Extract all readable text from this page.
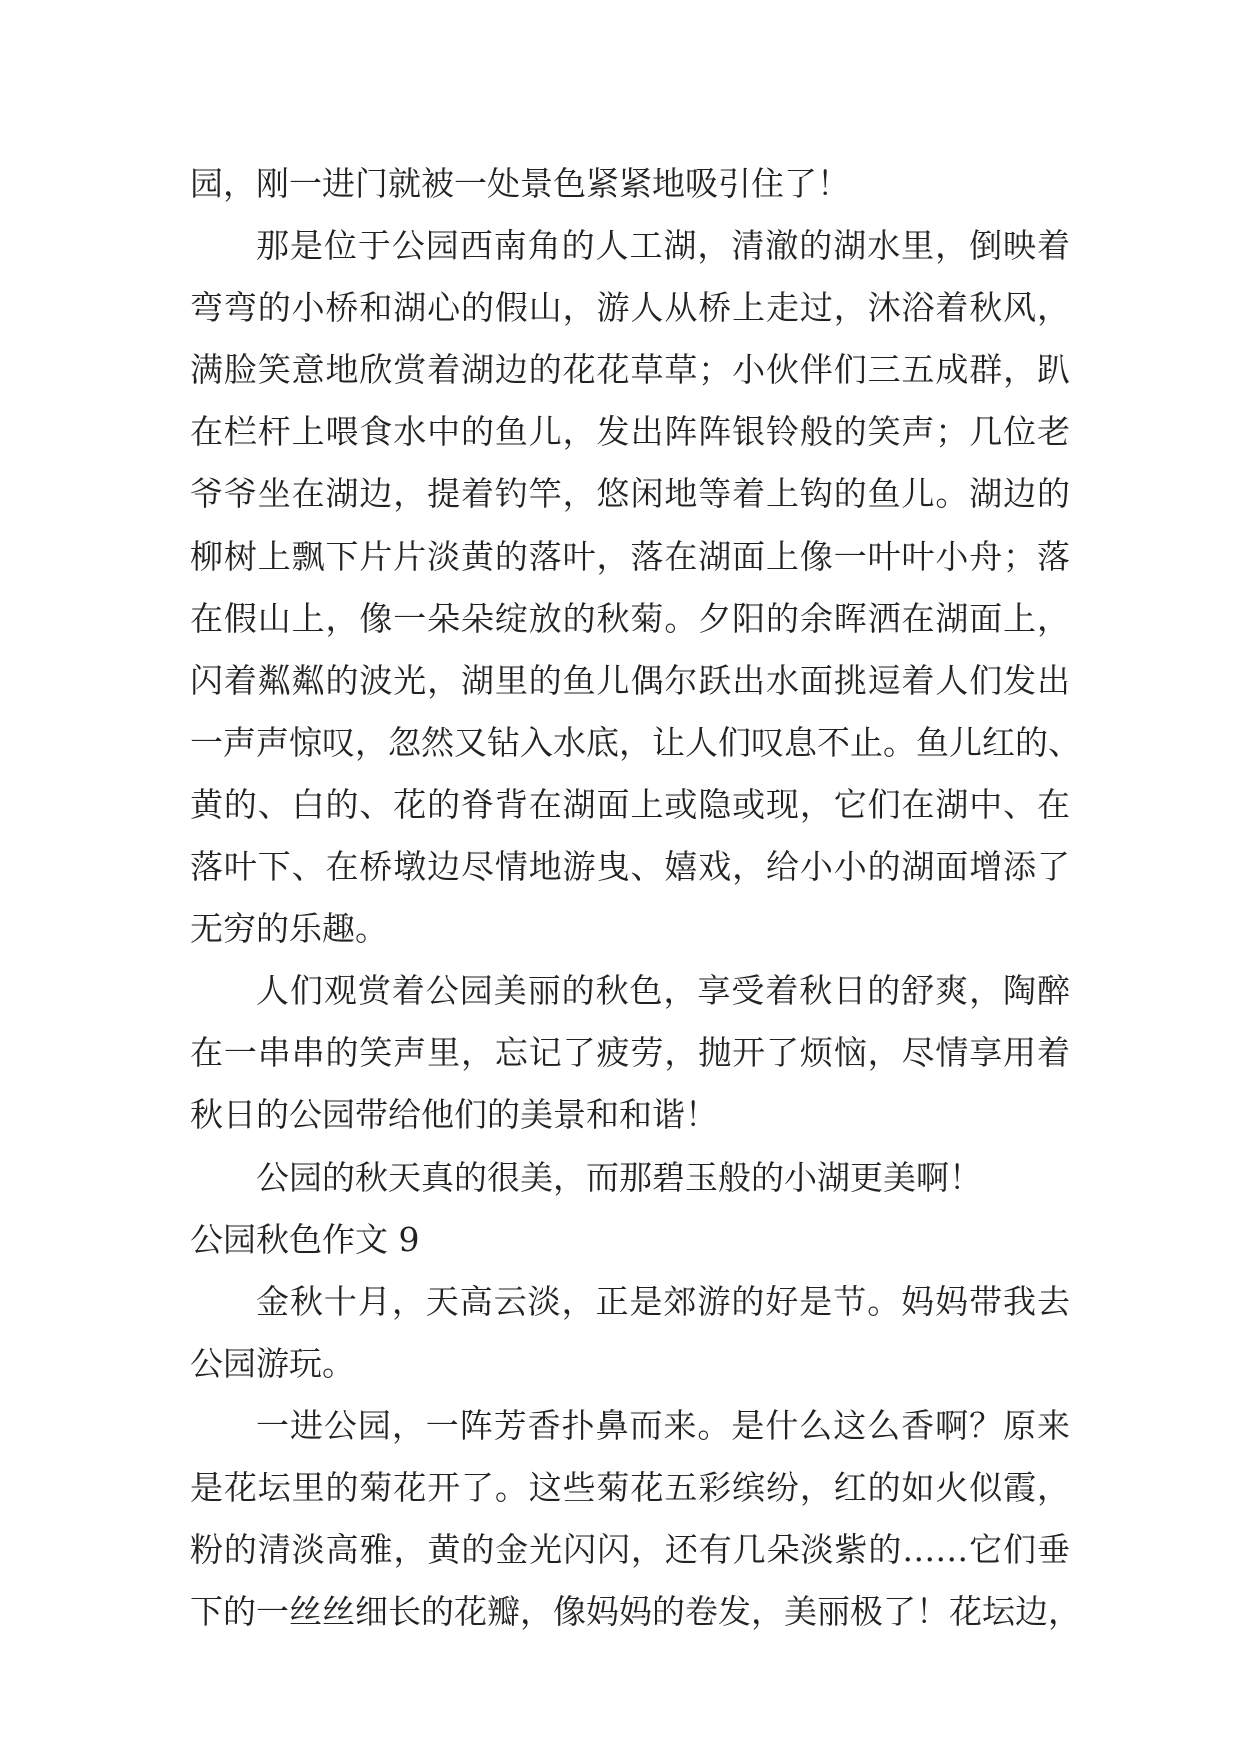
园，刚一进门就被一处景色紧紧地吸引住了！
那是位于公园西南角的人工湖，清澈的湖水里，倒映着
弯弯的小桥和湖心的假山，游人从桥上走过，沐浴着秋风，
满脸笑意地欣赏着湖边的花花草草；小伙伴们三五成群，趴
在栏杆上喂食水中的鱼儿，发出阵阵银铃般的笑声；几位老
爷爷坐在湖边，提着钓竿，悠闲地等着上钩的鱼儿。湖边的
柳树上飘下片片淡黄的落叶，落在湖面上像一叶叶小舟；落
在假山上，像一朵朵绽放的秋菊。夕阳的余晖洒在湖面上，
闪着粼粼的波光，湖里的鱼儿偶尔跃出水面挑逗着人们发出
一声声惊叹，忽然又钻入水底，让人们叹息不止。鱼儿红的、
黄的、白的、花的脊背在湖面上或隐或现，它们在湖中、在
落叶下、在桥墩边尽情地游曳、嬉戏，给小小的湖面增添了
无穷的乐趣。
人们观赏着公园美丽的秋色，享受着秋日的舒爽，陶醉
在一串串的笑声里，忘记了疲劳，抛开了烦恼，尽情享用着
秋日的公园带给他们的美景和和谐！
公园的秋天真的很美，而那碧玉般的小湖更美啊！
公园秋色作文 9
金秋十月，天高云淡，正是郊游的好是节。妈妈带我去
公园游玩。
一进公园，一阵芳香扑鼻而来。是什么这么香啊？原来
是花坛里的菊花开了。这些菊花五彩缤纷，红的如火似霞，
粉的清淡高雅，黄的金光闪闪，还有几朵淡紫的……它们垂
下的一丝丝细长的花瓣，像妈妈的卷发，美丽极了！花坛边，
